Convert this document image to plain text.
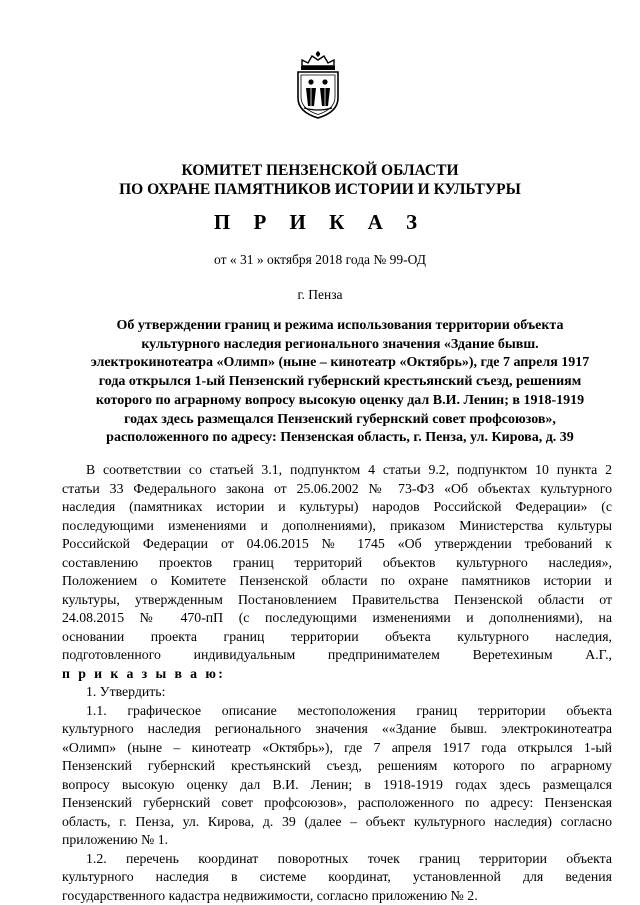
КОМИТЕТ ПЕНЗЕНСКОЙ ОБЛАСТИ
ПО ОХРАНЕ ПАМЯТНИКОВ ИСТОРИИ И КУЛЬТУРЫ
П Р И К А З
от « 31 » октября 2018 года № 99-ОД
г. Пенза
Об утверждении границ и режима использования территории объекта
культурного наследия регионального значения «Здание бывш.
электрокинотеатра «Олимп» (ныне – кинотеатр «Октябрь»), где 7 апреля 1917
года открылся 1-ый Пензенский губернский крестьянский съезд, решениям
которого по аграрному вопросу высокую оценку дал В.И. Ленин; в 1918-1919
годах здесь размещался Пензенский губернский совет профсоюзов»,
расположенного по адресу: Пензенская область, г. Пенза, ул. Кирова, д. 39
В соответствии со статьей 3.1, подпунктом 4 статьи 9.2, подпунктом 10 пункта 2
статьи 33 Федерального закона от 25.06.2002 № 73-ФЗ «Об объектах культурного
наследия (памятниках истории и культуры) народов Российской Федерации» (с
последующими изменениями и дополнениями), приказом Министерства культуры
Российской Федерации от 04.06.2015 № 1745 «Об утверждении требований к
составлению проектов границ территорий объектов культурного наследия»,
Положением о Комитете Пензенской области по охране памятников истории и
культуры, утвержденным Постановлением Правительства Пензенской области от
24.08.2015 № 470-пП (с последующими изменениями и дополнениями), на
основании проекта границ территории объекта культурного наследия,
подготовленного индивидуальным предпринимателем Веретехиным А.Г.,
п р и к а з ы в а ю:
1. Утвердить:
1.1. графическое описание местоположения границ территории объекта
культурного наследия регионального значения ««Здание бывш. электрокинотеатра
«Олимп» (ныне – кинотеатр «Октябрь»), где 7 апреля 1917 года открылся 1-ый
Пензенский губернский крестьянский съезд, решениям которого по аграрному
вопросу высокую оценку дал В.И. Ленин; в 1918-1919 годах здесь размещался
Пензенский губернский совет профсоюзов», расположенного по адресу: Пензенская
область, г. Пенза, ул. Кирова, д. 39 (далее – объект культурного наследия) согласно
приложению № 1.
1.2. перечень координат поворотных точек границ территории объекта
культурного наследия в системе координат, установленной для ведения
государственного кадастра недвижимости, согласно приложению № 2.
